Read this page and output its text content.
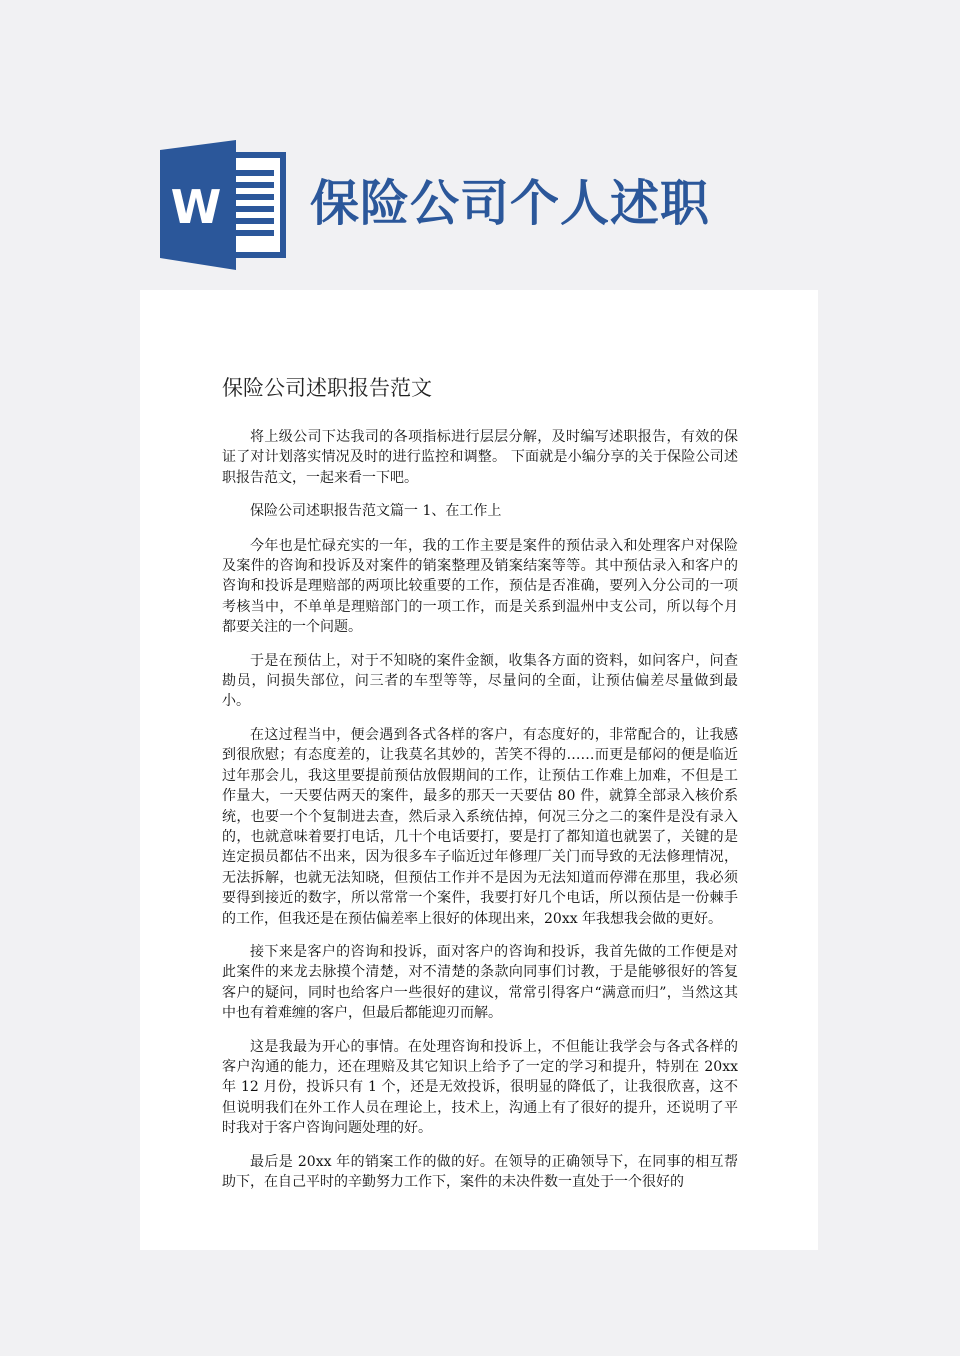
W 保险公司个人述职
保险公司述职报告范文

将上级公司下达我司的各项指标进行层层分解，及时编写述职报告，有效的保证了对计划落实情况及时的进行监控和调整。 下面就是小编分享的关于保险公司述职报告范文，一起来看一下吧。

保险公司述职报告范文篇一 1、在工作上

今年也是忙碌充实的一年，我的工作主要是案件的预估录入和处理客户对保险及案件的咨询和投诉及对案件的销案整理及销案结案等等。其中预估录入和客户的咨询和投诉是理赔部的两项比较重要的工作，预估是否准确，要列入分公司的一项考核当中，不单单是理赔部门的一项工作，而是关系到温州中支公司，所以每个月都要关注的一个问题。

于是在预估上，对于不知晓的案件金额，收集各方面的资料，如问客户，问查勘员，问损失部位，问三者的车型等等，尽量问的全面，让预估偏差尽量做到最小。

在这过程当中，便会遇到各式各样的客户，有态度好的，非常配合的，让我感到很欣慰；有态度差的，让我莫名其妙的，苦笑不得的……而更是郁闷的便是临近过年那会儿，我这里要提前预估放假期间的工作，让预估工作难上加难，不但是工作量大，一天要估两天的案件，最多的那天一天要估 80 件，就算全部录入核价系统，也要一个个复制进去查，然后录入系统估掉，何况三分之二的案件是没有录入的，也就意味着要打电话，几十个电话要打，要是打了都知道也就罢了，关键的是连定损员都估不出来，因为很多车子临近过年修理厂关门而导致的无法修理情况，无法拆解，也就无法知晓，但预估工作并不是因为无法知道而停滞在那里，我必须要得到接近的数字，所以常常一个案件，我要打好几个电话，所以预估是一份棘手的工作，但我还是在预估偏差率上很好的体现出来，20xx 年我想我会做的更好。

接下来是客户的咨询和投诉，面对客户的咨询和投诉，我首先做的工作便是对此案件的来龙去脉摸个清楚，对不清楚的条款向同事们讨教，于是能够很好的答复客户的疑问，同时也给客户一些很好的建议，常常引得客户“满意而归”，当然这其中也有着难缠的客户，但最后都能迎刃而解。

这是我最为开心的事情。在处理咨询和投诉上，不但能让我学会与各式各样的客户沟通的能力，还在理赔及其它知识上给予了一定的学习和提升，特别在 20xx 年 12 月份，投诉只有 1 个，还是无效投诉，很明显的降低了，让我很欣喜，这不但说明我们在外工作人员在理论上，技术上，沟通上有了很好的提升，还说明了平时我对于客户咨询问题处理的好。

最后是 20xx 年的销案工作的做的好。在领导的正确领导下，在同事的相互帮助下，在自己平时的辛勤努力工作下，案件的未决件数一直处于一个很好的
